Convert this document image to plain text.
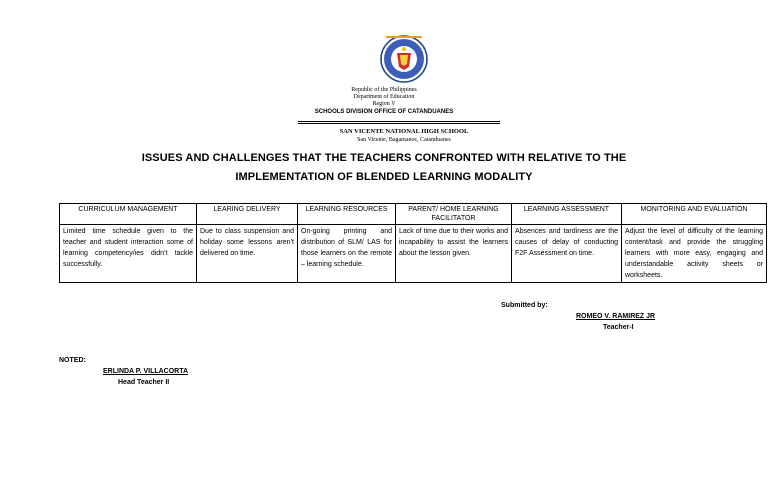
Republic of the Philippines
Department of Education
Region V
SCHOOLS DIVISION OFFICE OF CATANDUANES
SAN VICENTE NATIONAL HIGH SCHOOL
San Vicente, Bagamanoc, Catanduanes
ISSUES AND CHALLENGES THAT THE TEACHERS CONFRONTED WITH RELATIVE TO THE
IMPLEMENTATION OF BLENDED LEARNING MODALITY
CURRICULUM MANAGEMENT	LEARING DELIVERY	LEARNING RESOURCES	PARENT/ HOME LEARNING FACILITATOR	LEARNING ASSESSMENT	MONITORING AND EVALUATION
Limited time schedule given to the teacher and student interaction some of learning competency/ies didn’t tackle successfully.	Due to class suspension and holiday some lessons aren’t delivered on time.	On-going printing and distribution of SLM/ LAS for those learners on the remote – learning schedule.	Lack of time due to their works and incapability to assist the learners about the lesson given.	Absences and tardiness are the causes of delay of conducting F2F Assessment on time.	Adjust the level of difficulty of the learning content/task and provide the struggling learners with more easy, engaging and understandable activity sheets or worksheets.
Submitted by:
ROMEO V. RAMIREZ JR
Teacher-I
NOTED:
ERLINDA P. VILLACORTA
Head Teacher II
